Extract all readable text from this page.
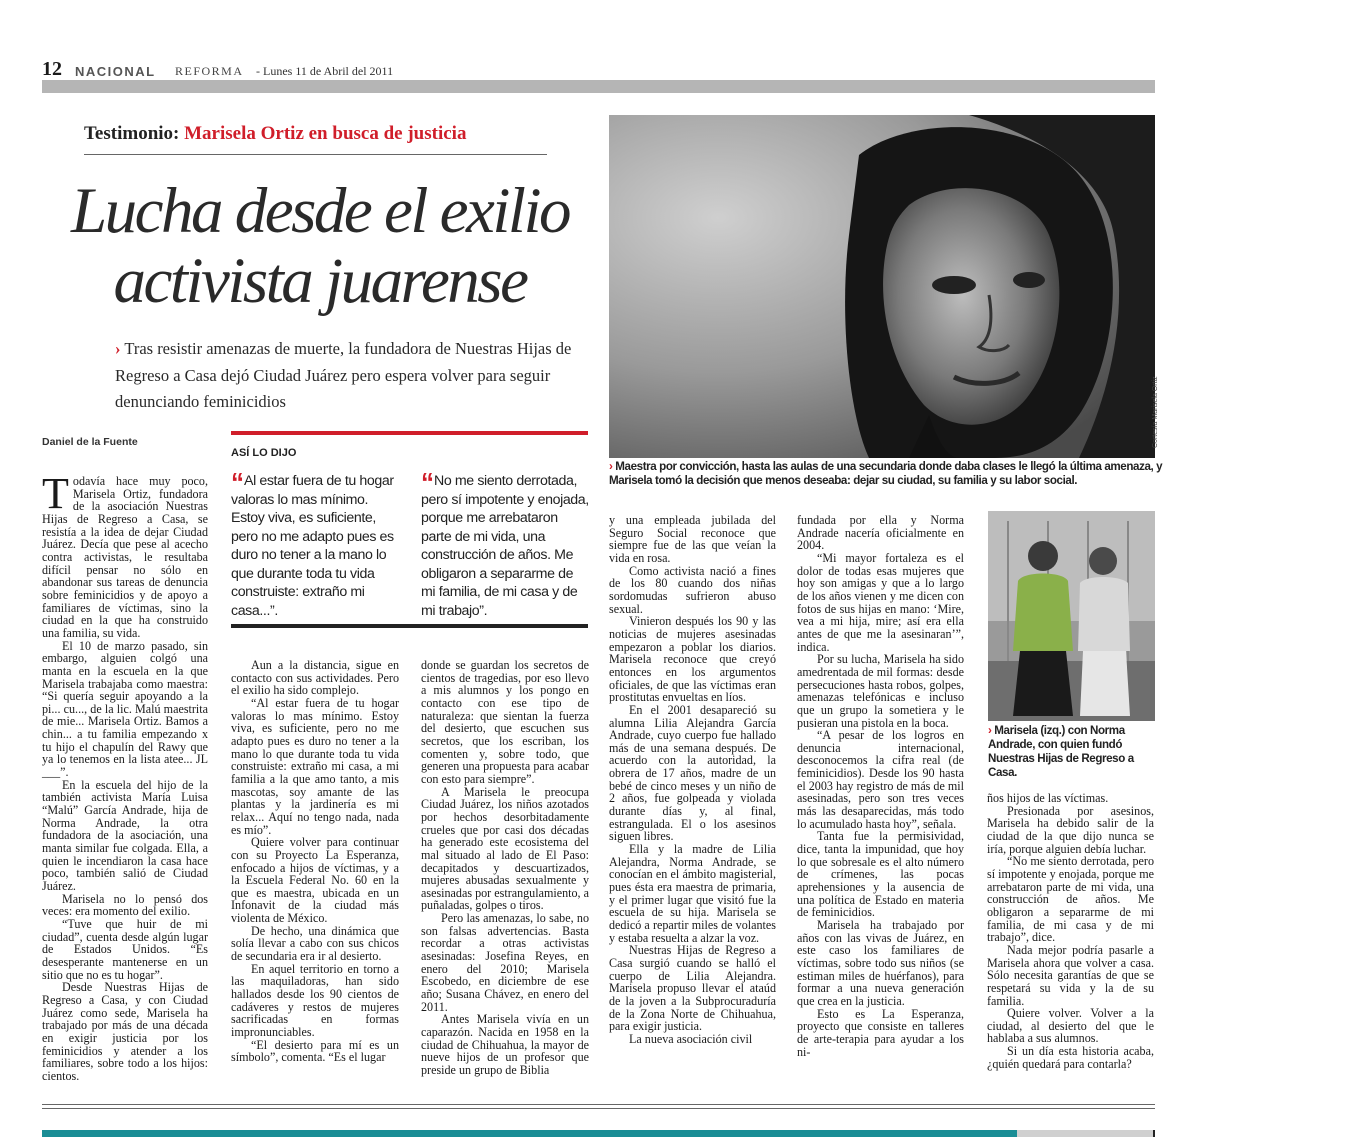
12 NACIONAL REFORMA - Lunes 11 de Abril del 2011
Testimonio: Marisela Ortiz en busca de justicia
Lucha desde el exilio
activista juarense
› Tras resistir amenazas de muerte, la fundadora de Nuestras Hijas de Regreso a Casa dejó Ciudad Juárez pero espera volver para seguir denunciando feminicidios
Daniel de la Fuente
ASÍ LO DIJO
“ Al estar fuera de tu hogar valoras lo mas mínimo. Estoy viva, es suficiente, pero no me adapto pues es duro no tener a la mano lo que durante toda tu vida construiste: extraño mi casa...”.
“ No me siento derrotada, pero sí impotente y enojada, porque me arrebataron parte de mi vida, una construcción de años. Me obligaron a separarme de mi familia, de mi casa y de mi trabajo”.
Cortesía Marisela Ortiz
› Maestra por convicción, hasta las aulas de una secundaria donde daba clases le llegó la última amenaza, y Marisela tomó la decisión que menos deseaba: dejar su ciudad, su familia y su labor social.
› Marisela (izq.) con Norma Andrade, con quien fundó Nuestras Hijas de Regreso a Casa.

Todavía hace muy poco, Marisela Ortiz, fundadora de la asociación Nuestras Hijas de Regreso a Casa, se resistía a la idea de dejar Ciudad Juárez. Decía que pese al acecho contra activistas, le resultaba difícil pensar no sólo en abandonar sus tareas de denuncia sobre feminicidios y de apoyo a familiares de víctimas, sino la ciudad en la que ha construido una familia, su vida.

El 10 de marzo pasado, sin embargo, alguien colgó una manta en la escuela en la que Marisela trabajaba como maestra: “Si quería seguir apoyando a la pi... cu..., de la lic. Malú maestrita de mie... Marisela Ortiz. Bamos a chin... a tu familia empezando x tu hijo el chapulín del Rawy que ya lo tenemos en la lista atee... JL ___”.

En la escuela del hijo de la también activista María Luisa “Malú” García Andrade, hija de Norma Andrade, la otra fundadora de la asociación, una manta similar fue colgada. Ella, a quien le incendiaron la casa hace poco, también salió de Ciudad Juárez.

Marisela no lo pensó dos veces: era momento del exilio.

“Tuve que huir de mi ciudad”, cuenta desde algún lugar de Estados Unidos. “Es desesperante mantenerse en un sitio que no es tu hogar”.

Desde Nuestras Hijas de Regreso a Casa, y con Ciudad Juárez como sede, Marisela ha trabajado por más de una década en exigir justicia por los feminicidios y atender a los familiares, sobre todo a los hijos: cientos.

Aun a la distancia, sigue en contacto con sus actividades. Pero el exilio ha sido complejo.

“Al estar fuera de tu hogar valoras lo mas mínimo. Estoy viva, es suficiente, pero no me adapto pues es duro no tener a la mano lo que durante toda tu vida construiste: extraño mi casa, a mi familia a la que amo tanto, a mis mascotas, soy amante de las plantas y la jardinería es mi relax... Aquí no tengo nada, nada es mío”.

Quiere volver para continuar con su Proyecto La Esperanza, enfocado a hijos de víctimas, y a la Escuela Federal No. 60 en la que es maestra, ubicada en un Infonavit de la ciudad más violenta de México.

De hecho, una dinámica que solía llevar a cabo con sus chicos de secundaria era ir al desierto.

En aquel territorio en torno a las maquiladoras, han sido hallados desde los 90 cientos de cadáveres y restos de mujeres sacrificadas en formas impronunciables.

“El desierto para mí es un símbolo”, comenta. “Es el lugar

donde se guardan los secretos de cientos de tragedias, por eso llevo a mis alumnos y los pongo en contacto con ese tipo de naturaleza: que sientan la fuerza del desierto, que escuchen sus secretos, que los escriban, los comenten y, sobre todo, que generen una propuesta para acabar con esto para siempre”.

A Marisela le preocupa Ciudad Juárez, los niños azotados por hechos desorbitadamente crueles que por casi dos décadas ha generado este ecosistema del mal situado al lado de El Paso: decapitados y descuartizados, mujeres abusadas sexualmente y asesinadas por estrangulamiento, a puñaladas, golpes o tiros.

Pero las amenazas, lo sabe, no son falsas advertencias. Basta recordar a otras activistas asesinadas: Josefina Reyes, en enero del 2010; Marisela Escobedo, en diciembre de ese año; Susana Chávez, en enero del 2011.

Antes Marisela vivía en un caparazón. Nacida en 1958 en la ciudad de Chihuahua, la mayor de nueve hijos de un profesor que preside un grupo de Biblia

y una empleada jubilada del Seguro Social reconoce que siempre fue de las que veían la vida en rosa.

Como activista nació a fines de los 80 cuando dos niñas sordomudas sufrieron abuso sexual.

Vinieron después los 90 y las noticias de mujeres asesinadas empezaron a poblar los diarios. Marisela reconoce que creyó entonces en los argumentos oficiales, de que las víctimas eran prostitutas envueltas en líos.

En el 2001 desapareció su alumna Lilia Alejandra García Andrade, cuyo cuerpo fue hallado más de una semana después. De acuerdo con la autoridad, la obrera de 17 años, madre de un bebé de cinco meses y un niño de 2 años, fue golpeada y violada durante días y, al final, estrangulada. El o los asesinos siguen libres.

Ella y la madre de Lilia Alejandra, Norma Andrade, se conocían en el ámbito magisterial, pues ésta era maestra de primaria, y el primer lugar que visitó fue la escuela de su hija. Marisela se dedicó a repartir miles de volantes y estaba resuelta a alzar la voz.

Nuestras Hijas de Regreso a Casa surgió cuando se halló el cuerpo de Lilia Alejandra. Marisela propuso llevar el ataúd de la joven a la Subprocuraduría de la Zona Norte de Chihuahua, para exigir justicia.

La nueva asociación civil

fundada por ella y Norma Andrade nacería oficialmente en 2004.

“Mi mayor fortaleza es el dolor de todas esas mujeres que hoy son amigas y que a lo largo de los años vienen y me dicen con fotos de sus hijas en mano: ‘Mire, vea a mi hija, mire; así era ella antes de que me la asesinaran’”, indica.

Por su lucha, Marisela ha sido amedrentada de mil formas: desde persecuciones hasta robos, golpes, amenazas telefónicas e incluso que un grupo la sometiera y le pusieran una pistola en la boca.

“A pesar de los logros en denuncia internacional, desconocemos la cifra real (de feminicidios). Desde los 90 hasta el 2003 hay registro de más de mil asesinadas, pero son tres veces más las desaparecidas, más todo lo acumulado hasta hoy”, señala.

Tanta fue la permisividad, dice, tanta la impunidad, que hoy lo que sobresale es el alto número de crímenes, las pocas aprehensiones y la ausencia de una política de Estado en materia de feminicidios.

Marisela ha trabajado por años con las vivas de Juárez, en este caso los familiares de víctimas, sobre todo sus niños (se estiman miles de huérfanos), para formar a una nueva generación que crea en la justicia.

Esto es La Esperanza, proyecto que consiste en talleres de arte-terapia para ayudar a los ni-

ños hijos de las víctimas.

Presionada por asesinos, Marisela ha debido salir de la ciudad de la que dijo nunca se iría, porque alguien debía luchar.

“No me siento derrotada, pero sí impotente y enojada, porque me arrebataron parte de mi vida, una construcción de años. Me obligaron a separarme de mi familia, de mi casa y de mi trabajo”, dice.

Nada mejor podría pasarle a Marisela ahora que volver a casa. Sólo necesita garantías de que se respetará su vida y la de su familia.

Quiere volver. Volver a la ciudad, al desierto del que le hablaba a sus alumnos.

Si un día esta historia acaba, ¿quién quedará para contarla?
